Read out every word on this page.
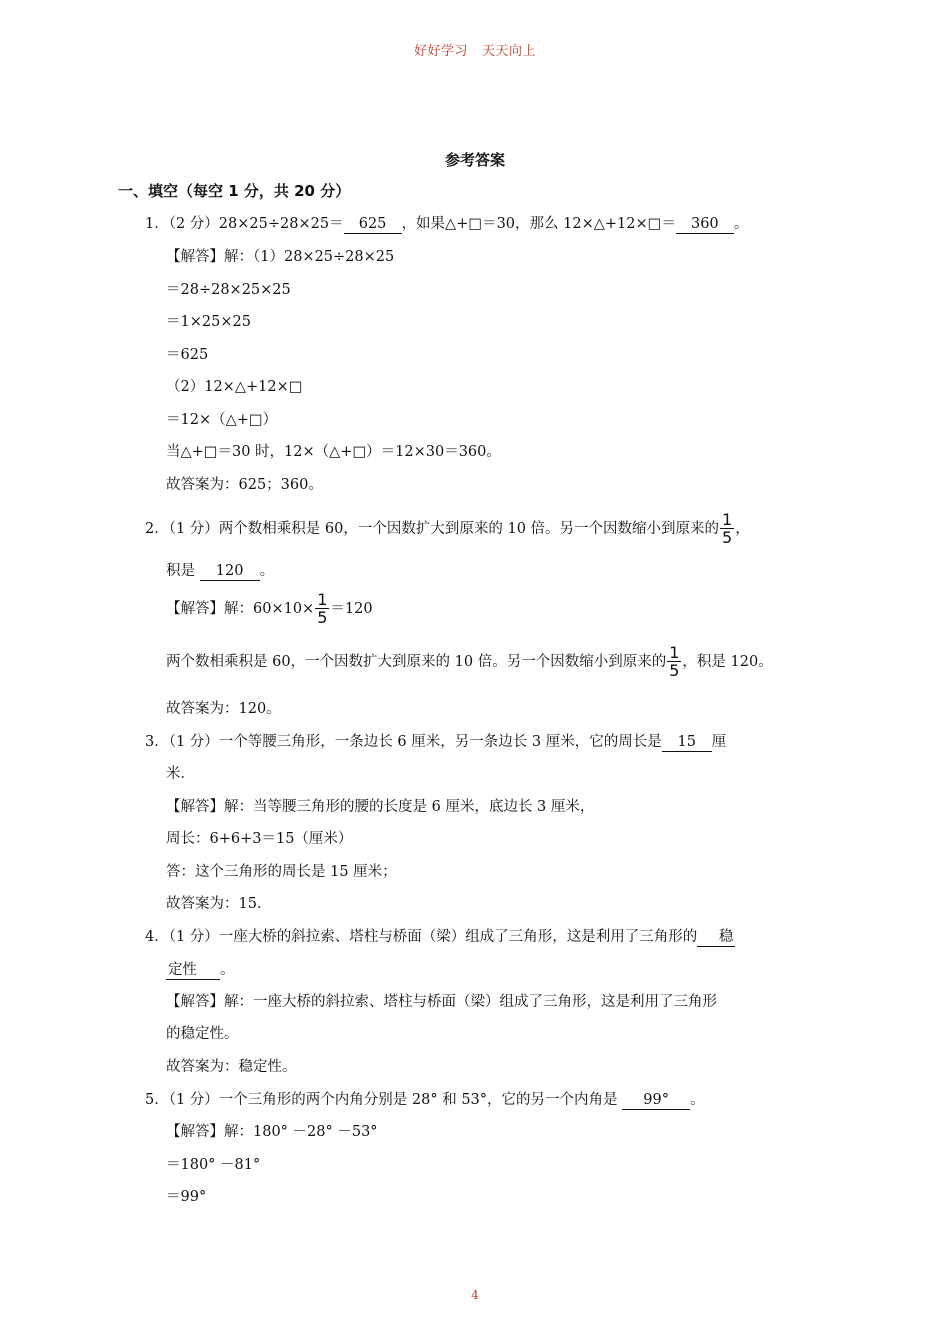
好好学习 天天向上
参考答案
一、填空（每空 1 分，共 20 分）
1．（2 分）28×25÷28×25＝ 625 ，如果△+□＝30，那么 12×△+12×□＝ 360 。
【解答】解：（1）28×25÷28×25
＝28÷28×25×25
＝1×25×25
＝625
（2）12×△+12×□
＝12×（△+□）
当△+□＝30 时，12×（△+□）＝12×30＝360。
故答案为：625；360。
2．（1 分）两个数相乘积是 60，一个因数扩大到原来的 10 倍。另一个因数缩小到原来的 $\frac{1}{5}$ ，
积是 120 。
【解答】解：$60\times 10\times \frac{1}{5} =120$
两个数相乘积是 60，一个因数扩大到原来的 10 倍。另一个因数缩小到原来的 $\frac{1}{5}$ ，积是 120。
故答案为：120。
3．（1 分）一个等腰三角形，一条边长 6 厘米，另一条边长 3 厘米，它的周长是 15 厘
米．
【解答】解：当等腰三角形的腰的长度是 6 厘米，底边长 3 厘米，
周长：6+6+3＝15（厘米）
答：这个三角形的周长是 15 厘米；
故答案为：15．
4．（1 分）一座大桥的斜拉索、塔柱与桥面（梁）组成了三角形，这是利用了三角形的 稳
定性 。
【解答】解：一座大桥的斜拉索、塔柱与桥面（梁）组成了三角形，这是利用了三角形
的稳定性。
故答案为：稳定性。
5．（1 分）一个三角形的两个内角分别是 28° 和 53°，它的另一个内角是 99° 。
【解答】解：180° －28° －53°
＝180° －81°
＝99°
4
